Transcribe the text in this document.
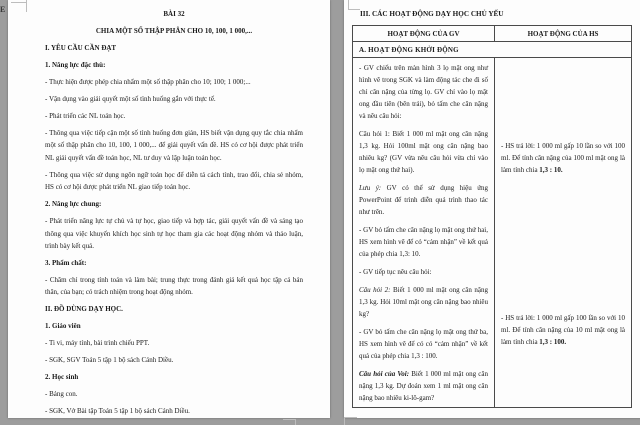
E	BÀI 32

CHIA MỘT SỐ THẬP PHÂN CHO 10, 100, 1 000,...

I. YÊU CẦU CẦN ĐẠT

1. Năng lực đặc thù:

- Thực hiện được phép chia nhẩm một số thập phân cho 10; 100; 1 000;...

- Vận dụng vào giải quyết một số tình huống gắn với thực tế.

- Phát triển các NL toán học.

- Thông qua việc tiếp cận một số tình huống đơn giản, HS biết vận dụng quy tắc chia nhẩm một số thập phân cho 10, 100, 1 000,... để giải quyết vấn đề. HS có cơ hội được phát triển NL giải quyết vấn đề toán học, NL tư duy và lập luận toán học.

- Thông qua việc sử dụng ngôn ngữ toán học để diễn tả cách tính, trao đổi, chia sẻ nhóm, HS có cơ hội được phát triển NL giao tiếp toán học.

2. Năng lực chung:

- Phát triển năng lực tự chủ và tự học, giao tiếp và hợp tác, giải quyết vấn đề và sáng tạo thông qua việc khuyến khích học sinh tự học tham gia các hoạt động nhóm và thảo luận, trình bày kết quả.

3. Phẩm chất:

- Chăm chỉ trong tính toán và làm bài; trung thực trong đánh giá kết quả học tập cả bản thân, của bạn; có trách nhiệm trong hoạt động nhóm.

II. ĐỒ DÙNG DẠY HỌC.

1. Giáo viên

- Ti vi, máy tính, bài trình chiếu PPT.

- SGK, SGV Toán 5 tập 1 bộ sách Cánh Diều.

2. Học sinh

- Bảng con.

- SGK, Vở Bài tập Toán 5 tập 1 bộ sách Cánh Diều.

III. CÁC HOẠT ĐỘNG DẠY HỌC CHỦ YẾU
HOẠT ĐỘNG CỦA GV	HOẠT ĐỘNG CỦA HS
A. HOẠT ĐỘNG KHỞI ĐỘNG

- GV chiếu trên màn hình 3 lọ mật ong như hình vẽ trong SGK và làm động tác che đi số chỉ cân nặng của từng lọ. GV chỉ vào lọ mật ong đầu tiên (bên trái), bỏ tấm che cân nặng và nêu câu hỏi:

Câu hỏi 1: Biết 1 000 ml mật ong cân nặng 1,3 kg. Hỏi 100ml mật ong cân nặng bao nhiêu kg? (GV vừa nêu câu hỏi vừa chỉ vào lọ mật ong thứ hai).

Lưu ý: GV có thể sử dụng hiệu ứng PowerPoint để trình diễn quá trình thao tác như trên.

- GV bỏ tấm che cân nặng lọ mật ong thứ hai, HS xem hình vẽ để có “cảm nhận” về kết quả của phép chia 1,3: 10.

- GV tiếp tục nêu câu hỏi:

Câu hỏi 2: Biết 1 000 ml mật ong cân nặng 1,3 kg. Hỏi 10ml mật ong cân nặng bao nhiêu kg?

- GV bỏ tấm che cân nặng lọ mật ong thứ ba, HS xem hình vẽ để có có “cảm nhận” về kết quả của phép chia 1,3 : 100.

Câu hỏi của Voi: Biết 1 000 ml mật ong cân nặng 1,3 kg. Dự đoán xem 1 ml mật ong cân nặng bao nhiêu ki-lô-gam?

- HS trả lời: 1 000 ml gấp 10 lần so với 100 ml. Để tính cân nặng của 100 ml mật ong là làm tính chia 1,3 : 10.

- HS trả lời: 1 000 ml gấp 100 lần so với 10 ml. Để tính cân nặng của 10 ml mật ong là làm tính chia 1,3 : 100.
